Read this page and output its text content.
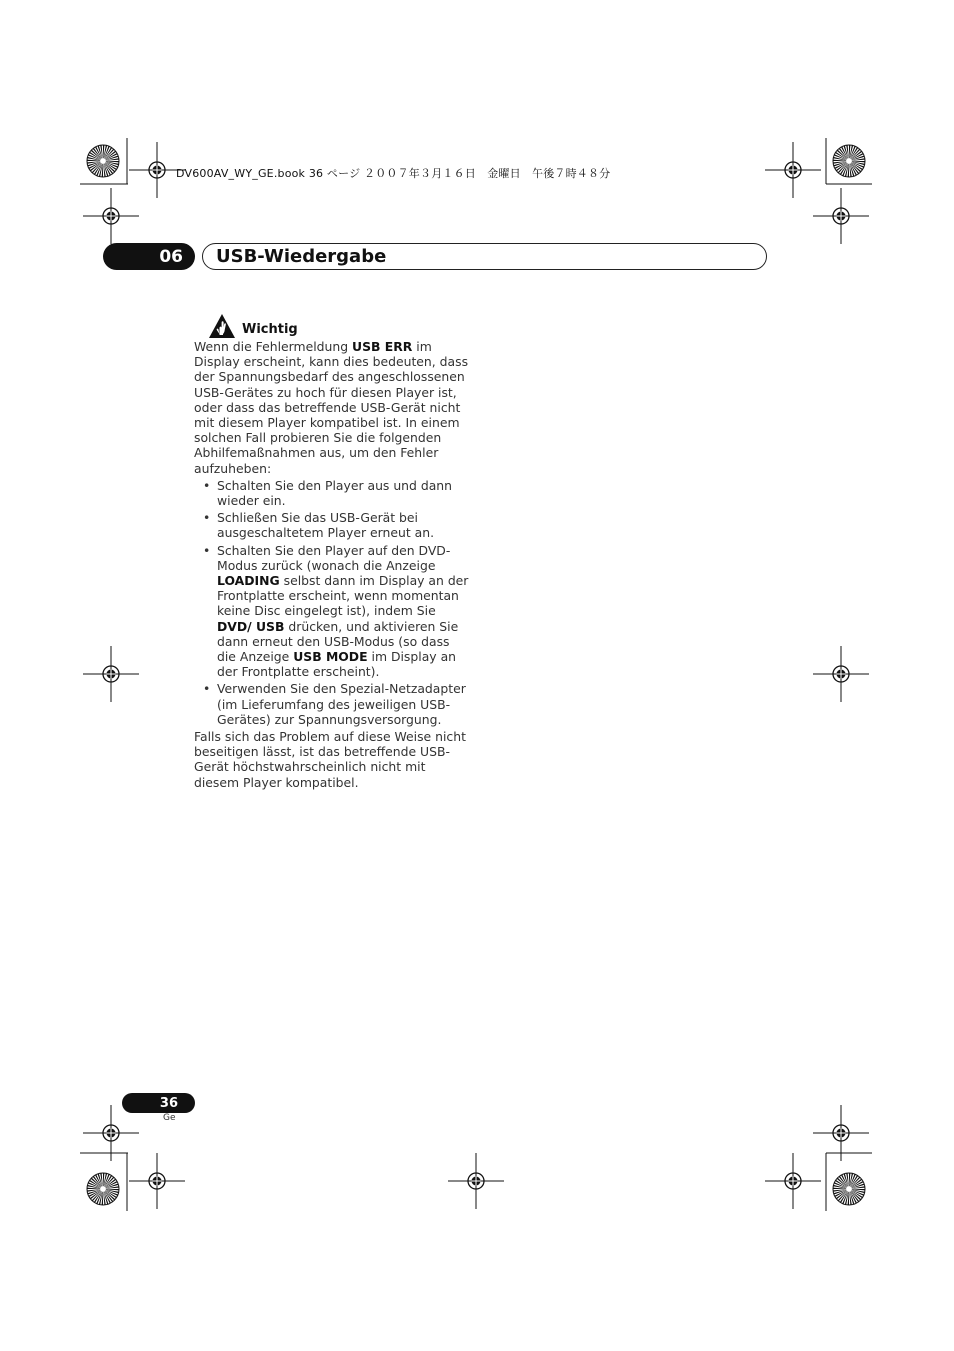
DV600AV_WY_GE.book 36 ページ ２００７年３月１６日　金曜日　午後７時４８分
06 USB-Wiedergabe
Wichtig

Wenn die Fehlermeldung USB ERR im Display erscheint, kann dies bedeuten, dass der Spannungsbedarf des angeschlossenen USB-Gerätes zu hoch für diesen Player ist, oder dass das betreffende USB-Gerät nicht mit diesem Player kompatibel ist. In einem solchen Fall probieren Sie die folgenden Abhilfemaßnahmen aus, um den Fehler aufzuheben:

• Schalten Sie den Player aus und dann wieder ein.
• Schließen Sie das USB-Gerät bei ausgeschaltetem Player erneut an.
• Schalten Sie den Player auf den DVD-Modus zurück (wonach die Anzeige LOADING selbst dann im Display an der Frontplatte erscheint, wenn momentan keine Disc eingelegt ist), indem Sie DVD/ USB drücken, und aktivieren Sie dann erneut den USB-Modus (so dass die Anzeige USB MODE im Display an der Frontplatte erscheint).
• Verwenden Sie den Spezial-Netzadapter (im Lieferumfang des jeweiligen USB-Gerätes) zur Spannungsversorgung.

Falls sich das Problem auf diese Weise nicht beseitigen lässt, ist das betreffende USB-Gerät höchstwahrscheinlich nicht mit diesem Player kompatibel.

36
Ge
